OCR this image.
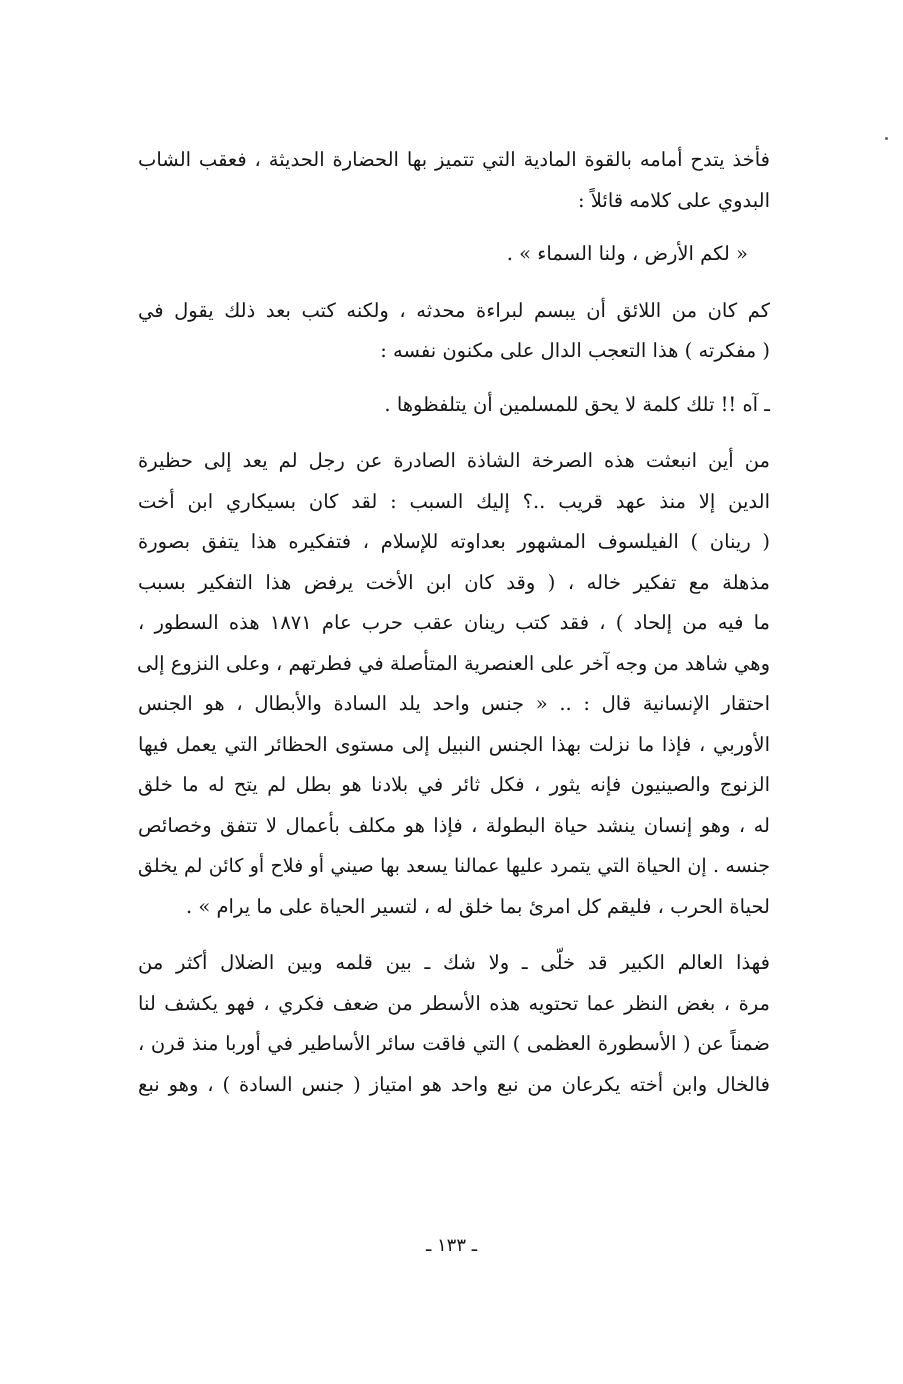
فأخذ يتدح أمامه بالقوة المادية التي تتميز بها الحضارة الحديثة ، فعقب الشاب
البدوي على كلامه قائلاً :

« لكم الأرض ، ولنا السماء » .

كم كان من اللائق أن يبسم لبراءة محدثه ، ولكنه كتب بعد ذلك يقول في
( مفكرته ) هذا التعجب الدال على مكنون نفسه :

ـ آه !! تلك كلمة لا يحق للمسلمين أن يتلفظوها .

من أين انبعثت هذه الصرخة الشاذة الصادرة عن رجل لم يعد إلى حظيرة
الدين إلا منذ عهد قريب ..؟ إليك السبب : لقد كان بسيكاري ابن أخت
( رينان ) الفيلسوف المشهور بعداوته للإسلام ، فتفكيره هذا يتفق بصورة
مذهلة مع تفكير خاله ، ( وقد كان ابن الأخت يرفض هذا التفكير بسبب
ما فيه من إلحاد ) ، فقد كتب رينان عقب حرب عام ١٨٧١ هذه السطور ،
وهي شاهد من وجه آخر على العنصرية المتأصلة في فطرتهم ، وعلى النزوع إلى
احتقار الإنسانية قال : .. « جنس واحد يلد السادة والأبطال ، هو الجنس
الأوربي ، فإذا ما نزلت بهذا الجنس النبيل إلى مستوى الحظائر التي يعمل فيها
الزنوج والصينيون فإنه يثور ، فكل ثائر في بلادنا هو بطل لم يتح له ما خلق
له ، وهو إنسان ينشد حياة البطولة ، فإذا هو مكلف بأعمال لا تتفق وخصائص
جنسه . إن الحياة التي يتمرد عليها عمالنا يسعد بها صيني أو فلاح أو كائن لم يخلق
لحياة الحرب ، فليقم كل امرئ بما خلق له ، لتسير الحياة على ما يرام » .

فهذا العالم الكبير قد خلّى ـ ولا شك ـ بين قلمه وبين الضلال أكثر من
مرة ، بغض النظر عما تحتويه هذه الأسطر من ضعف فكري ، فهو يكشف لنا
ضمناً عن ( الأسطورة العظمى ) التي فاقت سائر الأساطير في أوربا منذ قرن ،
فالخال وابن أخته يكرعان من نبع واحد هو امتياز ( جنس السادة ) ، وهو نبع

ـ ١٣٣ ـ
